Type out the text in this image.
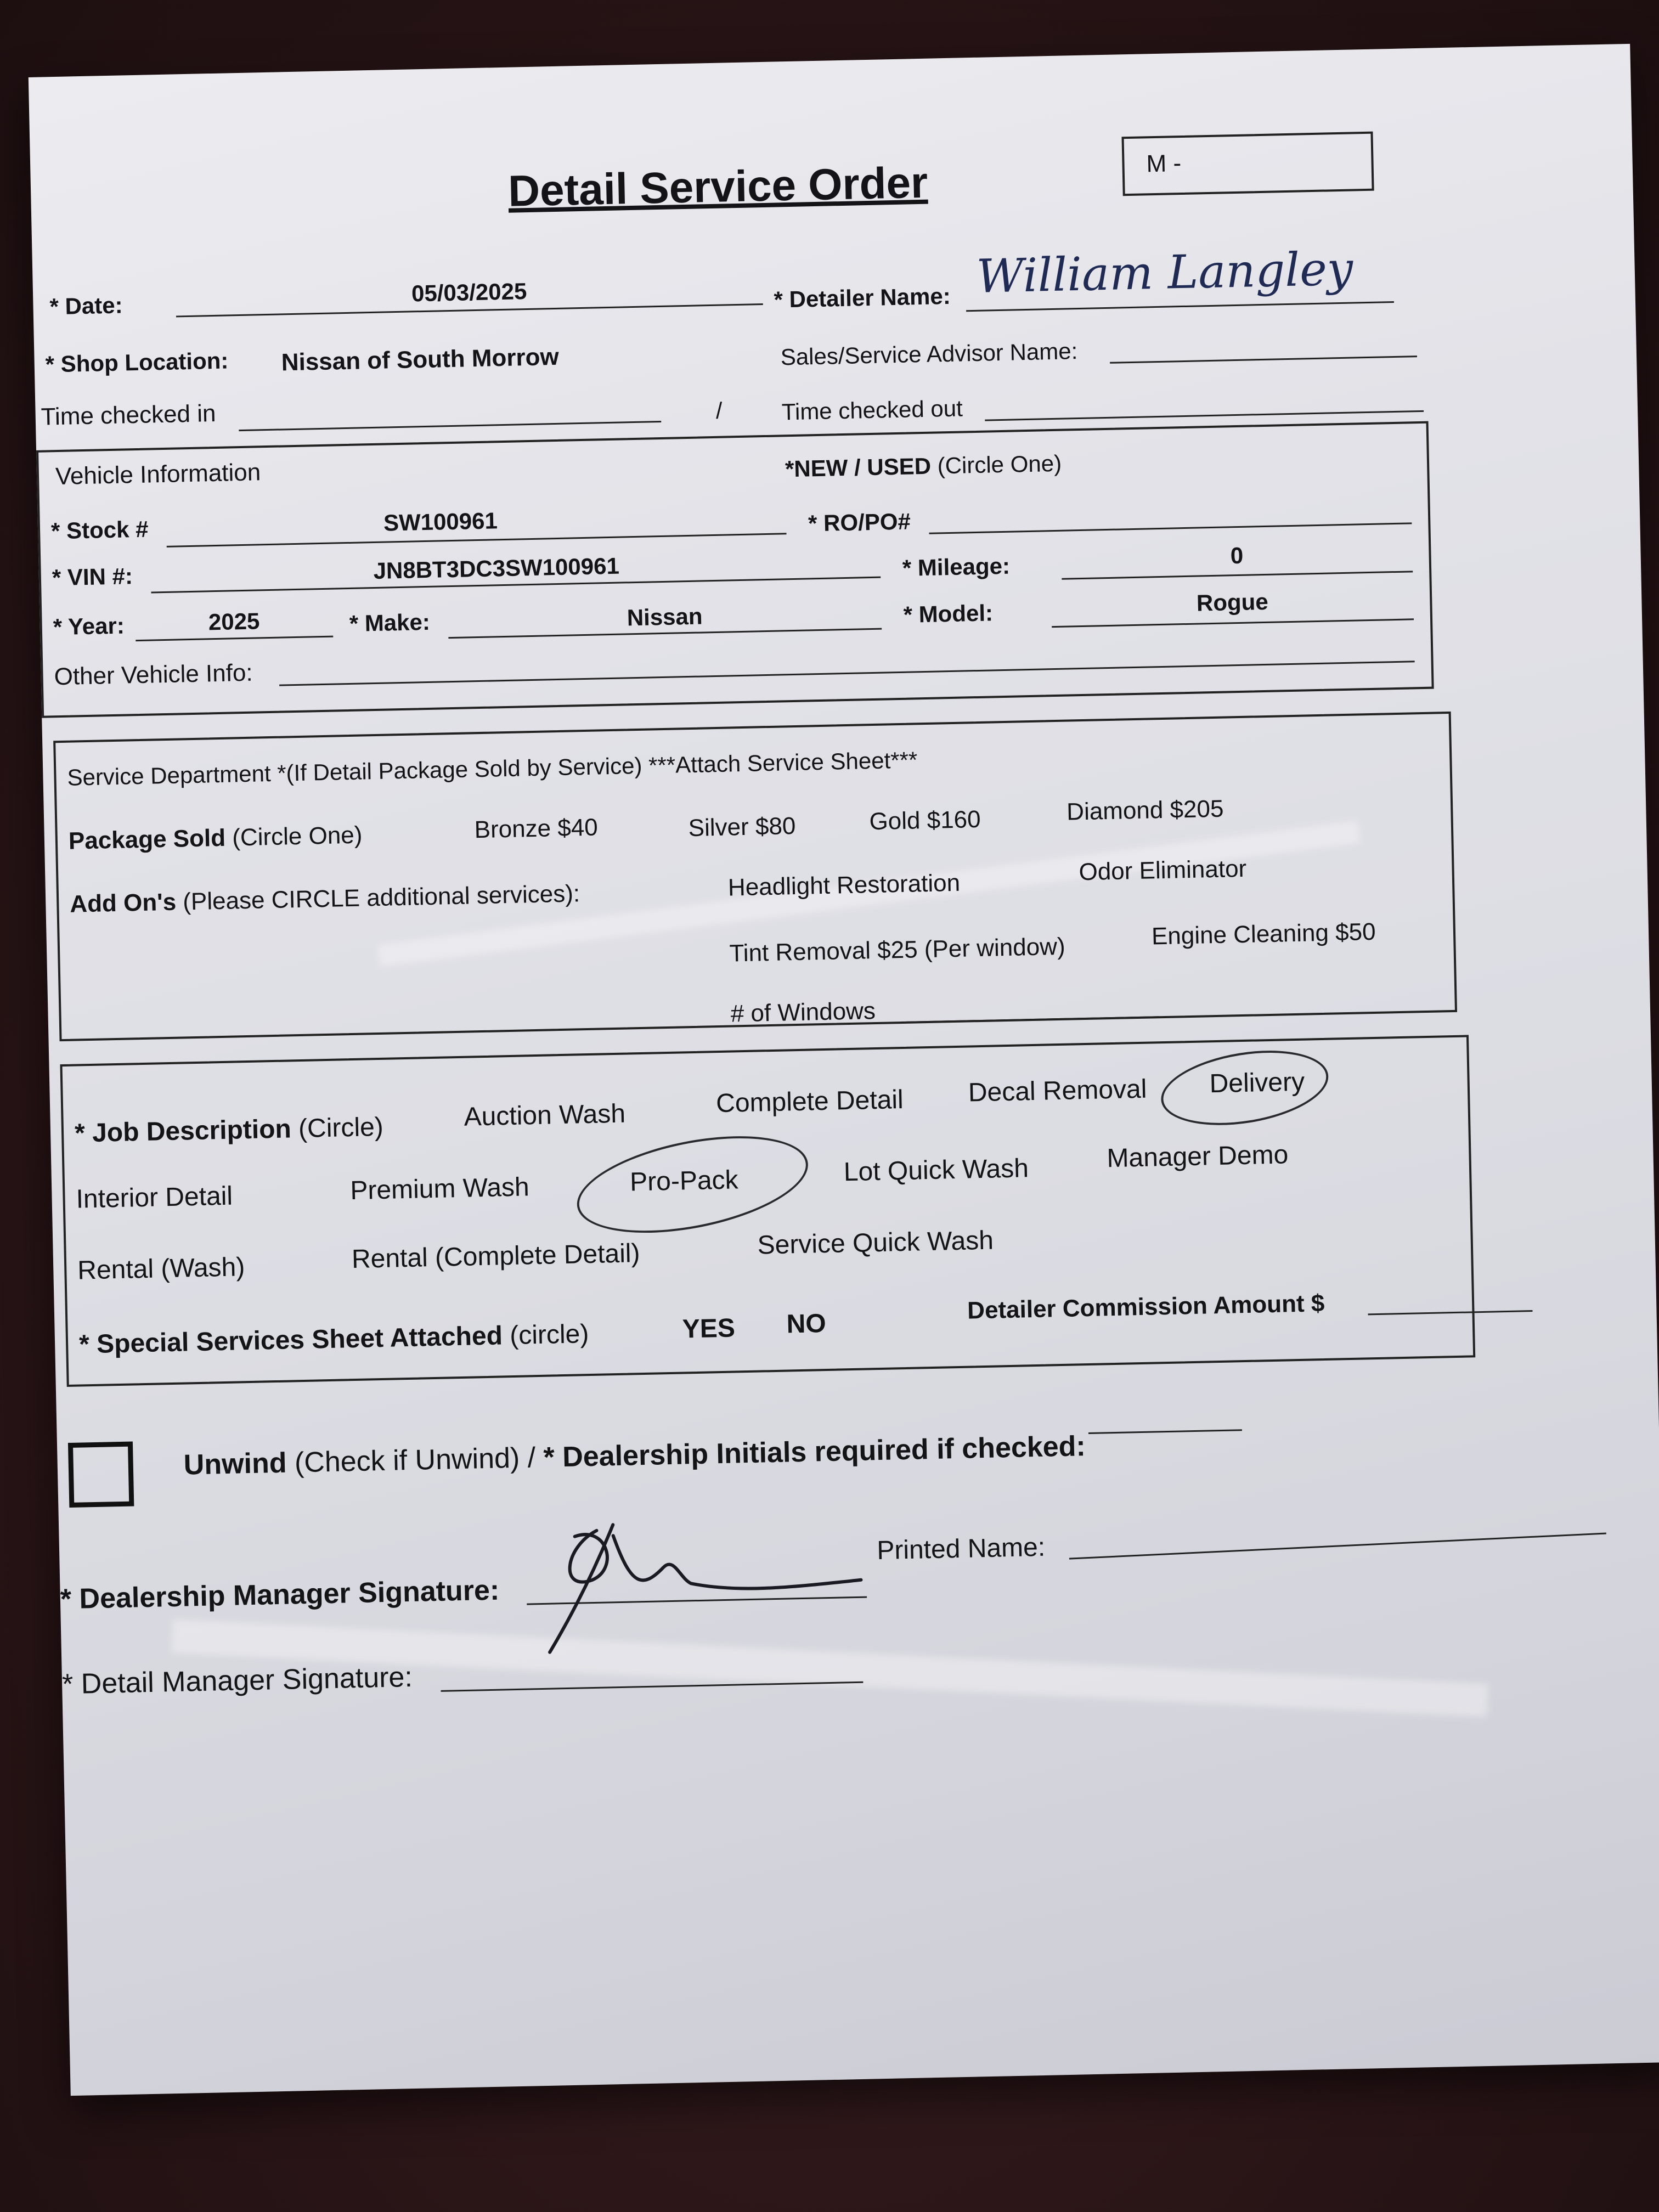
Detail Service Order	M -
* Date:	05/03/2025	* Detailer Name: William Langley
* Shop Location: Nissan of South Morrow	Sales/Service Advisor Name:
Time checked in	/	Time checked out
Vehicle Information	*NEW / USED (Circle One)
* Stock #	SW100961	* RO/PO#
* VIN #:	JN8BT3DC3SW100961	* Mileage:	0
* Year:	2025	* Make:	Nissan	* Model:	Rogue
Other Vehicle Info:
Service Department *(If Detail Package Sold by Service) ***Attach Service Sheet***
Package Sold (Circle One)	Bronze $40	Silver $80	Gold $160	Diamond $205
Add On's (Please CIRCLE additional services):	Headlight Restoration	Odor Eliminator
Tint Removal $25 (Per window)	Engine Cleaning $50
# of Windows
* Job Description (Circle)	Auction Wash	Complete Detail Decal Removal Delivery
Interior Detail	Premium Wash	Pro-Pack	Lot Quick Wash	Manager Demo
Rental (Wash)	Rental (Complete Detail)	Service Quick Wash
* Special Services Sheet Attached (circle)	YES NO	Detailer Commission Amount $
Unwind (Check if Unwind) / * Dealership Initials required if checked:
* Dealership Manager Signature:
Printed Name:
* Detail Manager Signature:
